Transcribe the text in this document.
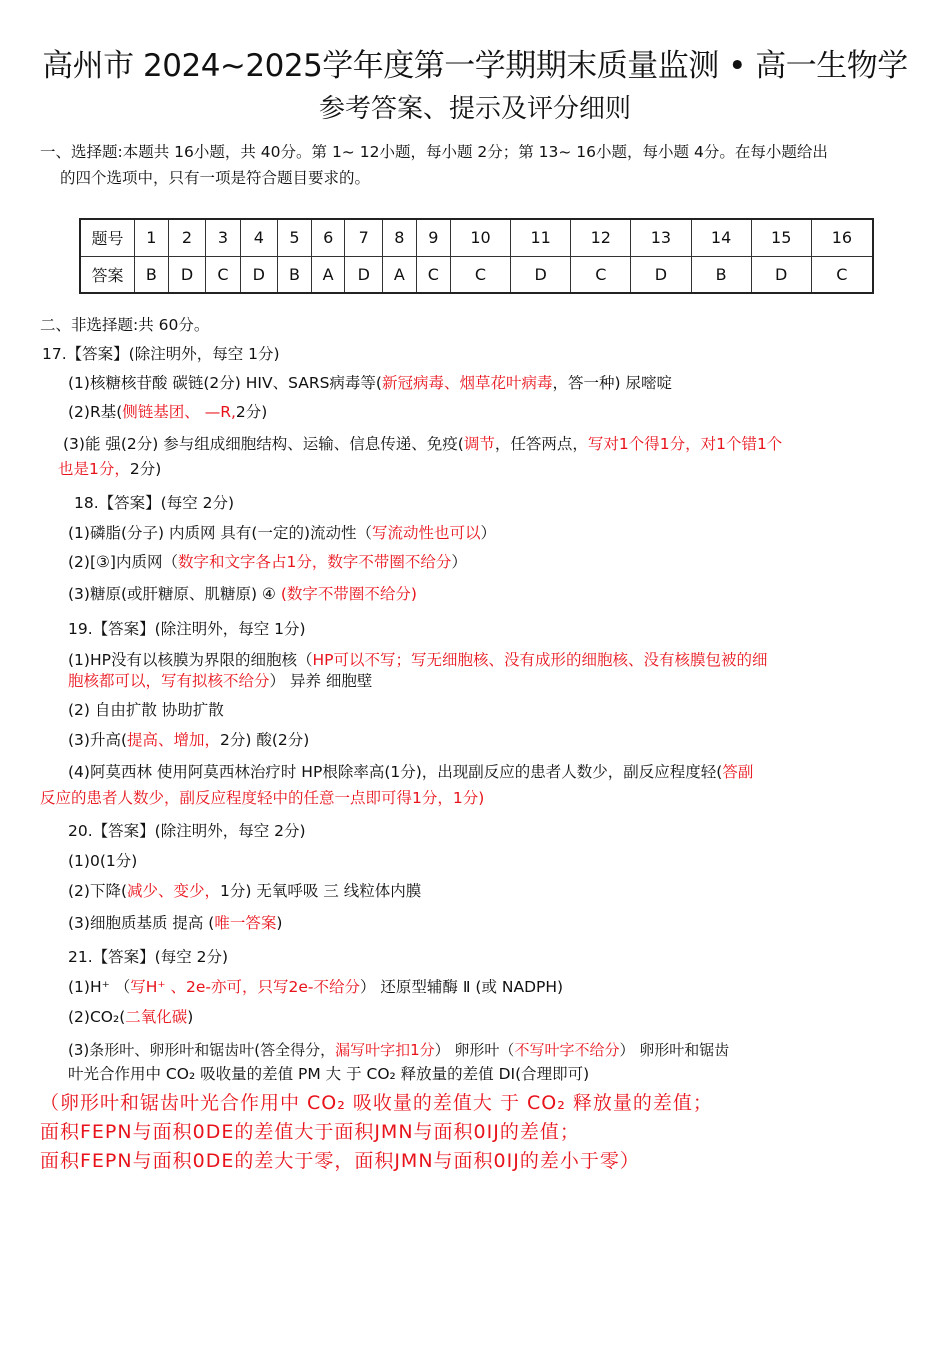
高州市 2024~2025学年度第一学期期末质量监测 • 高一生物学
参考答案、提示及评分细则
一、选择题:本题共 16小题，共 40分。第 1~ 12小题，每小题 2分；第 13~ 16小题，每小题 4分。在每小题给出
的四个选项中，只有一项是符合题目要求的。
题号	1	2	3	4	5	6	7	8	9	10	11	12	13	14	15	16
答案	B	D	C	D	B	A	D	A	C	C	D	C	D	B	D	C
二、非选择题:共 60分。
17.【答案】(除注明外，每空 1分)
(1)核糖核苷酸 碳链(2分) HIV、SARS病毒等(新冠病毒、烟草花叶病毒，答一种) 尿嘧啶
(2)R基(侧链基团、 —R,2分)
(3)能 强(2分) 参与组成细胞结构、运输、信息传递、免疫(调节，任答两点，写对1个得1分，对1个错1个
也是1分，2分)
18.【答案】(每空 2分)
(1)磷脂(分子) 内质网 具有(一定的)流动性（写流动性也可以）
(2)[③]内质网（数字和文字各占1分，数字不带圈不给分）
(3)糖原(或肝糖原、肌糖原) ④ (数字不带圈不给分)
19.【答案】(除注明外，每空 1分)
(1)HP没有以核膜为界限的细胞核（HP可以不写；写无细胞核、没有成形的细胞核、没有核膜包被的细
胞核都可以，写有拟核不给分） 异养 细胞壁
(2) 自由扩散 协助扩散
(3)升高(提高、增加，2分) 酸(2分)
(4)阿莫西林 使用阿莫西林治疗时 HP根除率高(1分)，出现副反应的患者人数少，副反应程度轻(答副
反应的患者人数少，副反应程度轻中的任意一点即可得1分，1分)
20.【答案】(除注明外，每空 2分)
(1)0(1分)
(2)下降(减少、变少，1分) 无氧呼吸 三 线粒体内膜
(3)细胞质基质 提高 (唯一答案)
21.【答案】(每空 2分)
(1)H⁺ （写H⁺ 、2e-亦可，只写2e-不给分） 还原型辅酶 Ⅱ (或 NADPH)
(2)CO₂(二氧化碳)
(3)条形叶、卵形叶和锯齿叶(答全得分，漏写叶字扣1分） 卵形叶（不写叶字不给分） 卵形叶和锯齿
叶光合作用中 CO₂ 吸收量的差值 PM 大 于 CO₂ 释放量的差值 DI(合理即可)
（卵形叶和锯齿叶光合作用中 CO₂ 吸收量的差值大 于 CO₂ 释放量的差值；
面积FEPN与面积0DE的差值大于面积JMN与面积0IJ的差值；
面积FEPN与面积0DE的差大于零，面积JMN与面积0IJ的差小于零）
